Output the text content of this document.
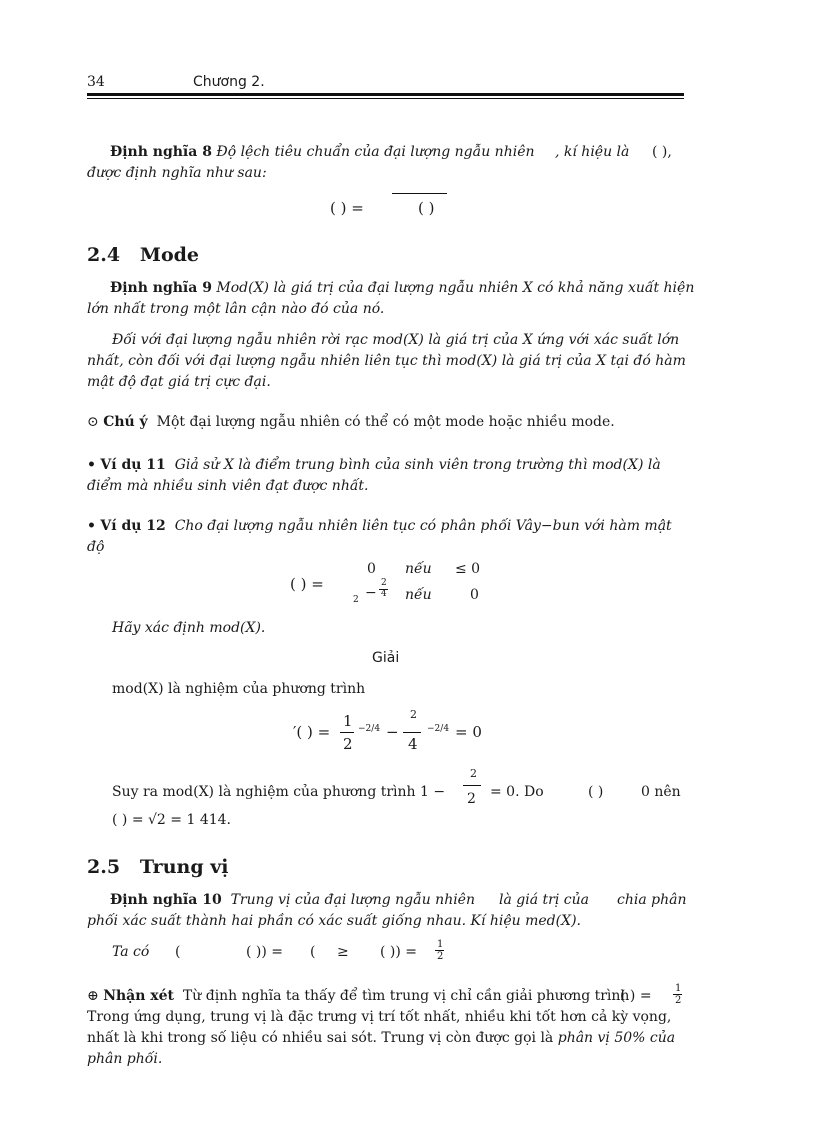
34	Chương 2.
Định nghĩa 8 Độ lệch tiêu chuẩn của đại lượng ngẫu nhiên , kí hiệu là ( ),
được định nghĩa như sau:
( ) =	( )
2.4 Mode
Định nghĩa 9 Mod(X) là giá trị của đại lượng ngẫu nhiên X có khả năng xuất hiện
lớn nhất trong một lân cận nào đó của nó.
Đối với đại lượng ngẫu nhiên rời rạc mod(X) là giá trị của X ứng với xác suất lớn
nhất, còn đối với đại lượng ngẫu nhiên liên tục thì mod(X) là giá trị của X tại đó hàm
mật độ đạt giá trị cực đại.
⊙ Chú ý Một đại lượng ngẫu nhiên có thể có một mode hoặc nhiều mode.
• Ví dụ 11 Giả sử X là điểm trung bình của sinh viên trong trường thì mod(X) là
điểm mà nhiều sinh viên đạt được nhất.
• Ví dụ 12 Cho đại lượng ngẫu nhiên liên tục có phân phối Vây−bun với hàm mật
độ
( ) =
0 nếu ≤ 0
2 −
2
4 nếu	0
Hãy xác định mod(X).
Giải
mod(X) là nghiệm của phương trình
′( ) =
1
2
−2/4 −
2
4
−2/4 = 0
Suy ra mod(X) là nghiệm của phương trình 1 −
2
2 = 0. Do	( )	0 nên
( ) = √2 = 1 414.
2.5 Trung vị
Định nghĩa 10 Trung vị của đại lượng ngẫu nhiên là giá trị của chia phân
phối xác suất thành hai phần có xác suất giống nhau. Kí hiệu med(X).
Ta có (	( )) = ( ≥ ( )) = 1
2
⊕ Nhận xét Từ định nghĩa ta thấy để tìm trung vị chỉ cần giải phương trình
( ) = 1
2
Trong ứng dụng, trung vị là đặc trưng vị trí tốt nhất, nhiều khi tốt hơn cả kỳ vọng,
nhất là khi trong số liệu có nhiều sai sót. Trung vị còn được gọi là phân vị 50% của
phân phối.
